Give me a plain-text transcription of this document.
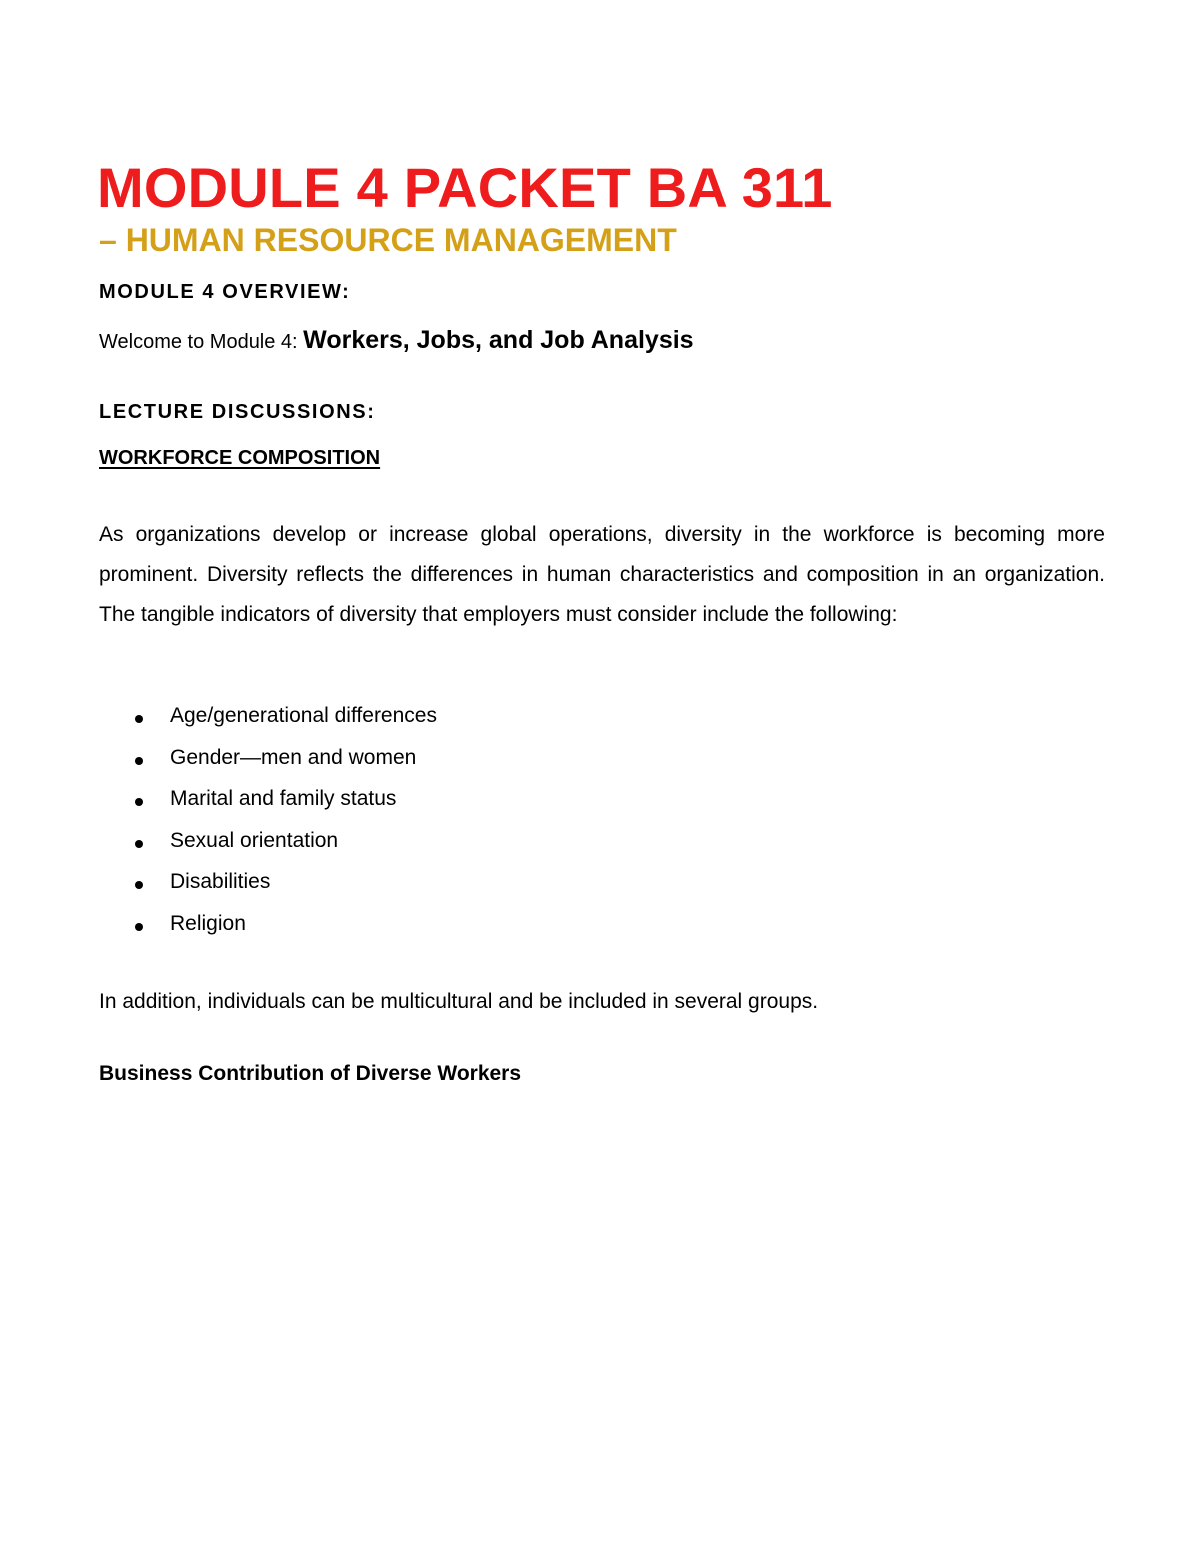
MODULE 4 PACKET BA 311
– HUMAN RESOURCE MANAGEMENT
MODULE 4 OVERVIEW:
Welcome to Module 4: Workers, Jobs, and Job Analysis
LECTURE DISCUSSIONS:
WORKFORCE COMPOSITION
As organizations develop or increase global operations, diversity in the workforce is becoming more prominent. Diversity reflects the differences in human characteristics and composition in an organization. The tangible indicators of diversity that employers must consider include the following:
Age/generational differences
Gender—men and women
Marital and family status
Sexual orientation
Disabilities
Religion
In addition, individuals can be multicultural and be included in several groups.
Business Contribution of Diverse Workers
